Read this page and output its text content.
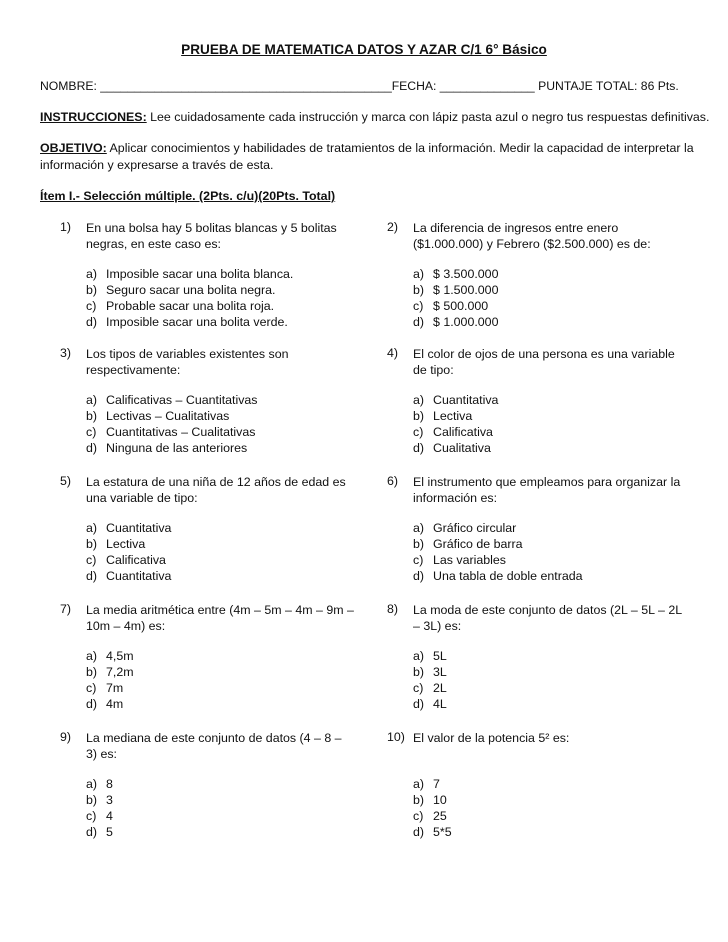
PRUEBA DE MATEMATICA DATOS Y AZAR C/1 6° Básico
NOMBRE: ___________________________________________FECHA: ______________ PUNTAJE TOTAL: 86 Pts.
INSTRUCCIONES: Lee cuidadosamente cada instrucción y marca con lápiz pasta azul o negro tus respuestas definitivas.
OBJETIVO: Aplicar conocimientos y habilidades de tratamientos de la información. Medir la capacidad de interpretar la
información y expresarse a través de esta.
Ítem I.- Selección múltiple. (2Pts. c/u)(20Pts. Total)
1) En una bolsa hay 5 bolitas blancas y 5 bolitas negras, en este caso es:
a) Imposible sacar una bolita blanca.
b) Seguro sacar una bolita negra.
c) Probable sacar una bolita roja.
d) Imposible sacar una bolita verde.
2) La diferencia de ingresos entre enero ($1.000.000) y Febrero ($2.500.000) es de:
a) $ 3.500.000
b) $ 1.500.000
c) $ 500.000
d) $ 1.000.000
3) Los tipos de variables existentes son respectivamente:
a) Calificativas – Cuantitativas
b) Lectivas – Cualitativas
c) Cuantitativas – Cualitativas
d) Ninguna de las anteriores
4) El color de ojos de una persona es una variable de tipo:
a) Cuantitativa
b) Lectiva
c) Calificativa
d) Cualitativa
5) La estatura de una niña de 12 años de edad es una variable de tipo:
a) Cuantitativa
b) Lectiva
c) Calificativa
d) Cuantitativa
6) El instrumento que empleamos para organizar la información es:
a) Gráfico circular
b) Gráfico de barra
c) Las variables
d) Una tabla de doble entrada
7) La media aritmética entre (4m – 5m – 4m – 9m – 10m – 4m) es:
a) 4,5m
b) 7,2m
c) 7m
d) 4m
8) La moda de este conjunto de datos (2L – 5L – 2L – 3L) es:
a) 5L
b) 3L
c) 2L
d) 4L
9) La mediana de este conjunto de datos (4 – 8 – 3) es:
a) 8
b) 3
c) 4
d) 5
10) El valor de la potencia 5² es:
a) 7
b) 10
c) 25
d) 5*5
